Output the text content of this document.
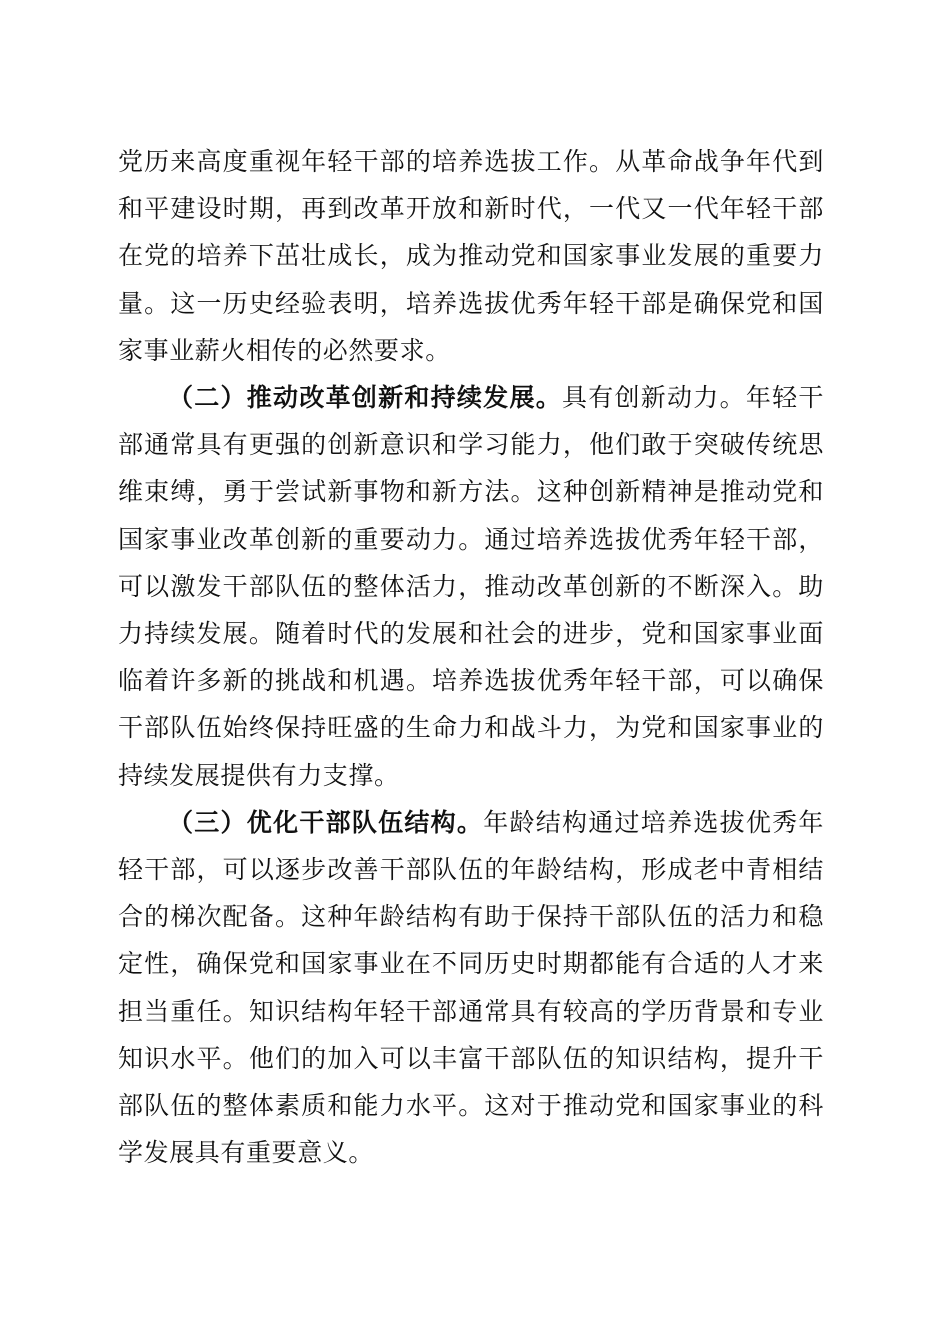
党历来高度重视年轻干部的培养选拔工作。从革命战争年代到和平建设时期，再到改革开放和新时代，一代又一代年轻干部在党的培养下茁壮成长，成为推动党和国家事业发展的重要力量。这一历史经验表明，培养选拔优秀年轻干部是确保党和国家事业薪火相传的必然要求。

（二）推动改革创新和持续发展。具有创新动力。年轻干部通常具有更强的创新意识和学习能力，他们敢于突破传统思维束缚，勇于尝试新事物和新方法。这种创新精神是推动党和国家事业改革创新的重要动力。通过培养选拔优秀年轻干部，可以激发干部队伍的整体活力，推动改革创新的不断深入。助力持续发展。随着时代的发展和社会的进步，党和国家事业面临着许多新的挑战和机遇。培养选拔优秀年轻干部，可以确保干部队伍始终保持旺盛的生命力和战斗力，为党和国家事业的持续发展提供有力支撑。

（三）优化干部队伍结构。年龄结构通过培养选拔优秀年轻干部，可以逐步改善干部队伍的年龄结构，形成老中青相结合的梯次配备。这种年龄结构有助于保持干部队伍的活力和稳定性，确保党和国家事业在不同历史时期都能有合适的人才来担当重任。知识结构年轻干部通常具有较高的学历背景和专业知识水平。他们的加入可以丰富干部队伍的知识结构，提升干部队伍的整体素质和能力水平。这对于推动党和国家事业的科学发展具有重要意义。
